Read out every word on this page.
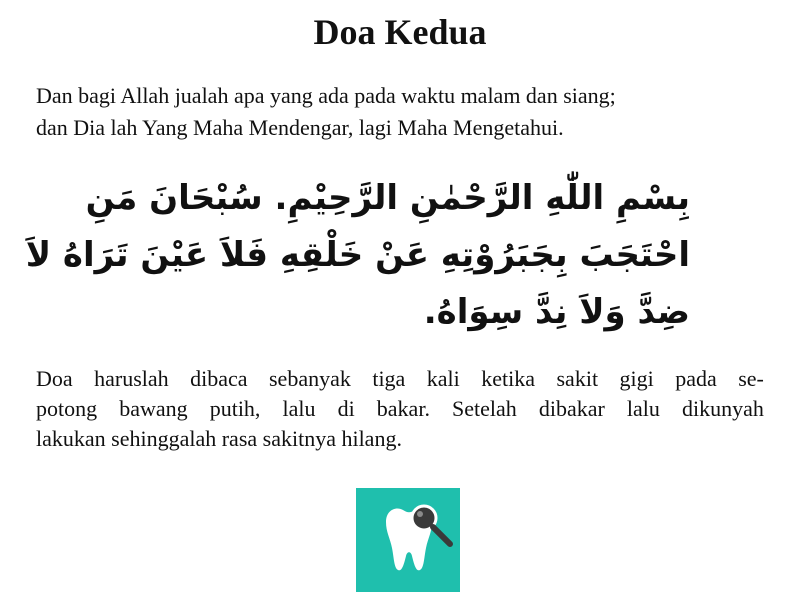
Doa Kedua
Dan bagi Allah jualah apa yang ada pada waktu malam dan siang;
dan Dia lah Yang Maha Mendengar, lagi Maha Mengetahui.
بِسْمِ اللّٰهِ الرَّحْمٰنِ الرَّحِيْمِ. سُبْحَانَ مَنِ
احْتَجَبَ بِجَبَرُوْتِهِ عَنْ خَلْقِهِ فَلاَ عَيْنَ تَرَاهُ لاَ
ضِدَّ وَلاَ نِدَّ سِوَاهُ.
Doa haruslah dibaca sebanyak tiga kali ketika sakit gigi pada se-
potong bawang putih, lalu di bakar. Setelah dibakar lalu dikunyah
lakukan sehinggalah rasa sakitnya hilang.
